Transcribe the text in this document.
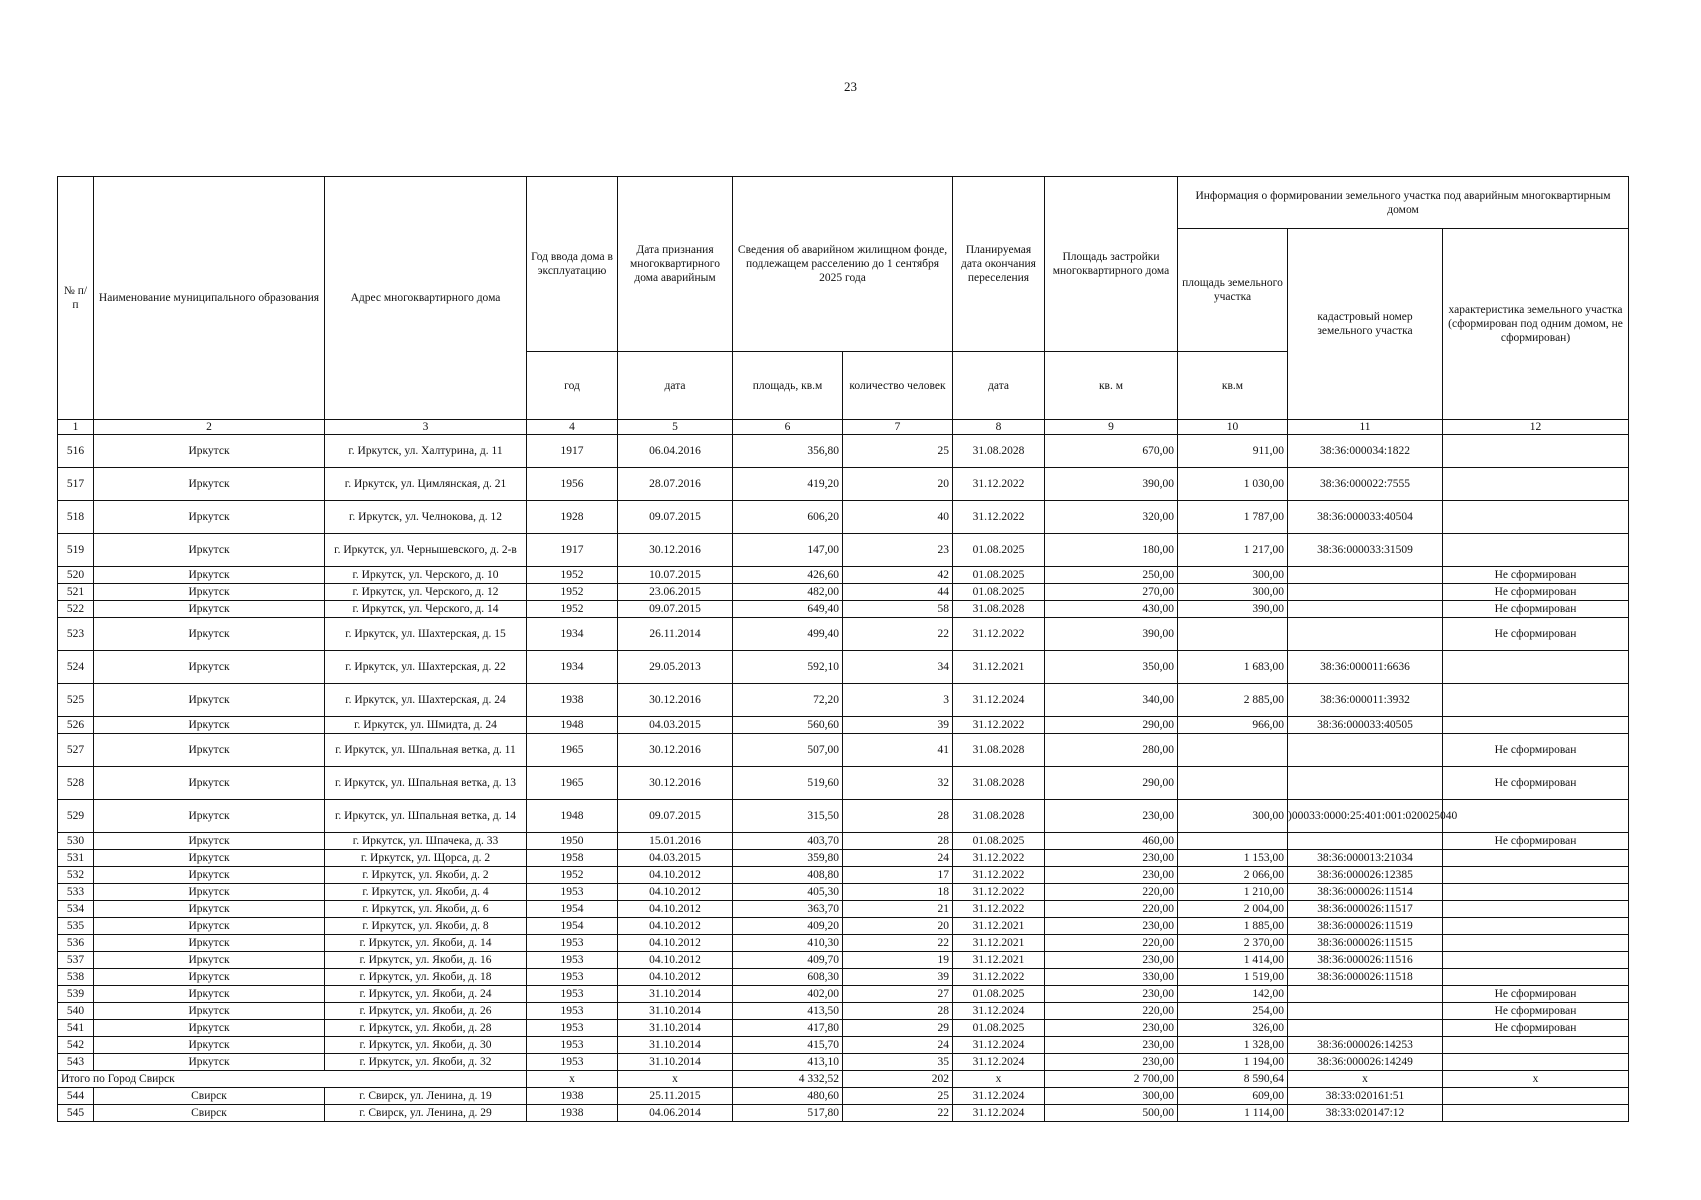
23
№ п/п	Наименование муниципального образования	Адрес многоквартирного дома	Год ввода дома в эксплуатацию	Дата признания многоквартирного дома аварийным	Сведения об аварийном жилищном фонде, подлежащем расселению до 1 сентября 2025 года		Планируемая дата окончания переселения	Площадь застройки многоквартирного дома	Информация о формировании земельного участка под аварийным многоквартирным домом		
									площадь земельного участка	кадастровый номер земельного участка	характеристика земельного участка (сформирован под одним домом, не сформирован)
			год	дата	площадь, кв.м	количество человек	дата	кв. м	кв.м		
1	2	3	4	5	6	7	8	9	10	11	12
516	Иркутск	г. Иркутск, ул. Халтурина, д. 11	1917	06.04.2016	356,80	25	31.08.2028	670,00	911,00	38:36:000034:1822	
517	Иркутск	г. Иркутск, ул. Цимлянская, д. 21	1956	28.07.2016	419,20	20	31.12.2022	390,00	1 030,00	38:36:000022:7555	
518	Иркутск	г. Иркутск, ул. Челнокова, д. 12	1928	09.07.2015	606,20	40	31.12.2022	320,00	1 787,00	38:36:000033:40504	
519	Иркутск	г. Иркутск, ул. Чернышевского, д. 2-в	1917	30.12.2016	147,00	23	01.08.2025	180,00	1 217,00	38:36:000033:31509	
520	Иркутск	г. Иркутск, ул. Черского, д. 10	1952	10.07.2015	426,60	42	01.08.2025	250,00	300,00		Не сформирован
521	Иркутск	г. Иркутск, ул. Черского, д. 12	1952	23.06.2015	482,00	44	01.08.2025	270,00	300,00		Не сформирован
522	Иркутск	г. Иркутск, ул. Черского, д. 14	1952	09.07.2015	649,40	58	31.08.2028	430,00	390,00		Не сформирован
523	Иркутск	г. Иркутск, ул. Шахтерская, д. 15	1934	26.11.2014	499,40	22	31.12.2022	390,00			Не сформирован
524	Иркутск	г. Иркутск, ул. Шахтерская, д. 22	1934	29.05.2013	592,10	34	31.12.2021	350,00	1 683,00	38:36:000011:6636	
525	Иркутск	г. Иркутск, ул. Шахтерская, д. 24	1938	30.12.2016	72,20	3	31.12.2024	340,00	2 885,00	38:36:000011:3932	
526	Иркутск	г. Иркутск, ул. Шмидта, д. 24	1948	04.03.2015	560,60	39	31.12.2022	290,00	966,00	38:36:000033:40505	
527	Иркутск	г. Иркутск, ул. Шпальная ветка, д. 11	1965	30.12.2016	507,00	41	31.08.2028	280,00			Не сформирован
528	Иркутск	г. Иркутск, ул. Шпальная ветка, д. 13	1965	30.12.2016	519,60	32	31.08.2028	290,00			Не сформирован
529	Иркутск	г. Иркутск, ул. Шпальная ветка, д. 14	1948	09.07.2015	315,50	28	31.08.2028	230,00	300,00	)00033:0000:25:401:001:020025040	
530	Иркутск	г. Иркутск, ул. Шпачека, д. 33	1950	15.01.2016	403,70	28	01.08.2025	460,00			Не сформирован
531	Иркутск	г. Иркутск, ул. Щорса, д. 2	1958	04.03.2015	359,80	24	31.12.2022	230,00	1 153,00	38:36:000013:21034	
532	Иркутск	г. Иркутск, ул. Якоби, д. 2	1952	04.10.2012	408,80	17	31.12.2022	230,00	2 066,00	38:36:000026:12385	
533	Иркутск	г. Иркутск, ул. Якоби, д. 4	1953	04.10.2012	405,30	18	31.12.2022	220,00	1 210,00	38:36:000026:11514	
534	Иркутск	г. Иркутск, ул. Якоби, д. 6	1954	04.10.2012	363,70	21	31.12.2022	220,00	2 004,00	38:36:000026:11517	
535	Иркутск	г. Иркутск, ул. Якоби, д. 8	1954	04.10.2012	409,20	20	31.12.2021	230,00	1 885,00	38:36:000026:11519	
536	Иркутск	г. Иркутск, ул. Якоби, д. 14	1953	04.10.2012	410,30	22	31.12.2021	220,00	2 370,00	38:36:000026:11515	
537	Иркутск	г. Иркутск, ул. Якоби, д. 16	1953	04.10.2012	409,70	19	31.12.2021	230,00	1 414,00	38:36:000026:11516	
538	Иркутск	г. Иркутск, ул. Якоби, д. 18	1953	04.10.2012	608,30	39	31.12.2022	330,00	1 519,00	38:36:000026:11518	
539	Иркутск	г. Иркутск, ул. Якоби, д. 24	1953	31.10.2014	402,00	27	01.08.2025	230,00	142,00		Не сформирован
540	Иркутск	г. Иркутск, ул. Якоби, д. 26	1953	31.10.2014	413,50	28	31.12.2024	220,00	254,00		Не сформирован
541	Иркутск	г. Иркутск, ул. Якоби, д. 28	1953	31.10.2014	417,80	29	01.08.2025	230,00	326,00		Не сформирован
542	Иркутск	г. Иркутск, ул. Якоби, д. 30	1953	31.10.2014	415,70	24	31.12.2024	230,00	1 328,00	38:36:000026:14253	
543	Иркутск	г. Иркутск, ул. Якоби, д. 32	1953	31.10.2014	413,10	35	31.12.2024	230,00	1 194,00	38:36:000026:14249	
Итого по Город Свирск			x	x	4 332,52	202	x	2 700,00	8 590,64	x	x
544	Свирск	г. Свирск, ул. Ленина, д. 19	1938	25.11.2015	480,60	25	31.12.2024	300,00	609,00	38:33:020161:51	
545	Свирск	г. Свирск, ул. Ленина, д. 29	1938	04.06.2014	517,80	22	31.12.2024	500,00	1 114,00	38:33:020147:12	
